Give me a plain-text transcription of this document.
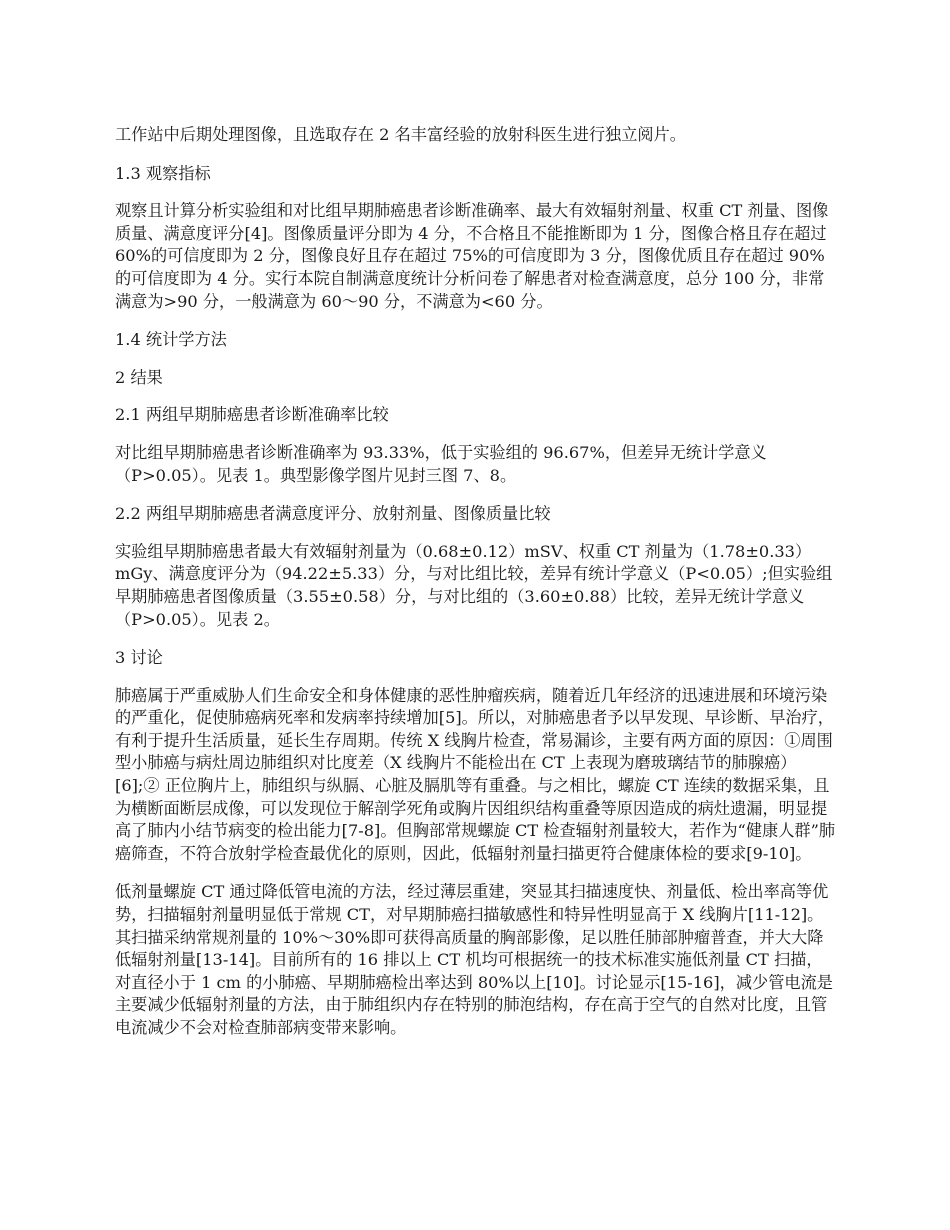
工作站中后期处理图像，且选取存在 2 名丰富经验的放射科医生进行独立阅片。

1.3 观察指标

观察且计算分析实验组和对比组早期肺癌患者诊断准确率、最大有效辐射剂量、权重 CT 剂量、图像质量、满意度评分[4]。图像质量评分即为 4 分，不合格且不能推断即为 1 分，图像合格且存在超过 60%的可信度即为 2 分，图像良好且存在超过 75%的可信度即为 3 分，图像优质且存在超过 90%的可信度即为 4 分。实行本院自制满意度统计分析问卷了解患者对检查满意度，总分 100 分，非常满意为>90 分，一般满意为 60～90 分，不满意为<60 分。

1.4 统计学方法

2 结果

2.1 两组早期肺癌患者诊断准确率比较

对比组早期肺癌患者诊断准确率为 93.33%，低于实验组的 96.67%，但差异无统计学意义（P>0.05）。见表 1。典型影像学图片见封三图 7、8。

2.2 两组早期肺癌患者满意度评分、放射剂量、图像质量比较

实验组早期肺癌患者最大有效辐射剂量为（0.68±0.12）mSV、权重 CT 剂量为（1.78±0.33）mGy、满意度评分为（94.22±5.33）分，与对比组比较，差异有统计学意义（P<0.05）;但实验组早期肺癌患者图像质量（3.55±0.58）分，与对比组的（3.60±0.88）比较，差异无统计学意义（P>0.05）。见表 2。

3 讨论

肺癌属于严重威胁人们生命安全和身体健康的恶性肿瘤疾病，随着近几年经济的迅速进展和环境污染的严重化，促使肺癌病死率和发病率持续增加[5]。所以，对肺癌患者予以早发现、早诊断、早治疗，有利于提升生活质量，延长生存周期。传统 X 线胸片检查，常易漏诊，主要有两方面的原因：①周围型小肺癌与病灶周边肺组织对比度差（X 线胸片不能检出在 CT 上表现为磨玻璃结节的肺腺癌）[6];② 正位胸片上，肺组织与纵膈、心脏及膈肌等有重叠。与之相比，螺旋 CT 连续的数据采集，且为横断面断层成像，可以发现位于解剖学死角或胸片因组织结构重叠等原因造成的病灶遗漏，明显提高了肺内小结节病变的检出能力[7-8]。但胸部常规螺旋 CT 检查辐射剂量较大，若作为“健康人群”肺癌筛查，不符合放射学检查最优化的原则，因此，低辐射剂量扫描更符合健康体检的要求[9-10]。

低剂量螺旋 CT 通过降低管电流的方法，经过薄层重建，突显其扫描速度快、剂量低、检出率高等优势，扫描辐射剂量明显低于常规 CT，对早期肺癌扫描敏感性和特异性明显高于 X 线胸片[11-12]。其扫描采纳常规剂量的 10%～30%即可获得高质量的胸部影像，足以胜任肺部肿瘤普查，并大大降低辐射剂量[13-14]。目前所有的 16 排以上 CT 机均可根据统一的技术标准实施低剂量 CT 扫描，对直径小于 1 cm 的小肺癌、早期肺癌检出率达到 80%以上[10]。讨论显示[15-16]，减少管电流是主要减少低辐射剂量的方法，由于肺组织内存在特别的肺泡结构，存在高于空气的自然对比度，且管电流减少不会对检查肺部病变带来影响。
